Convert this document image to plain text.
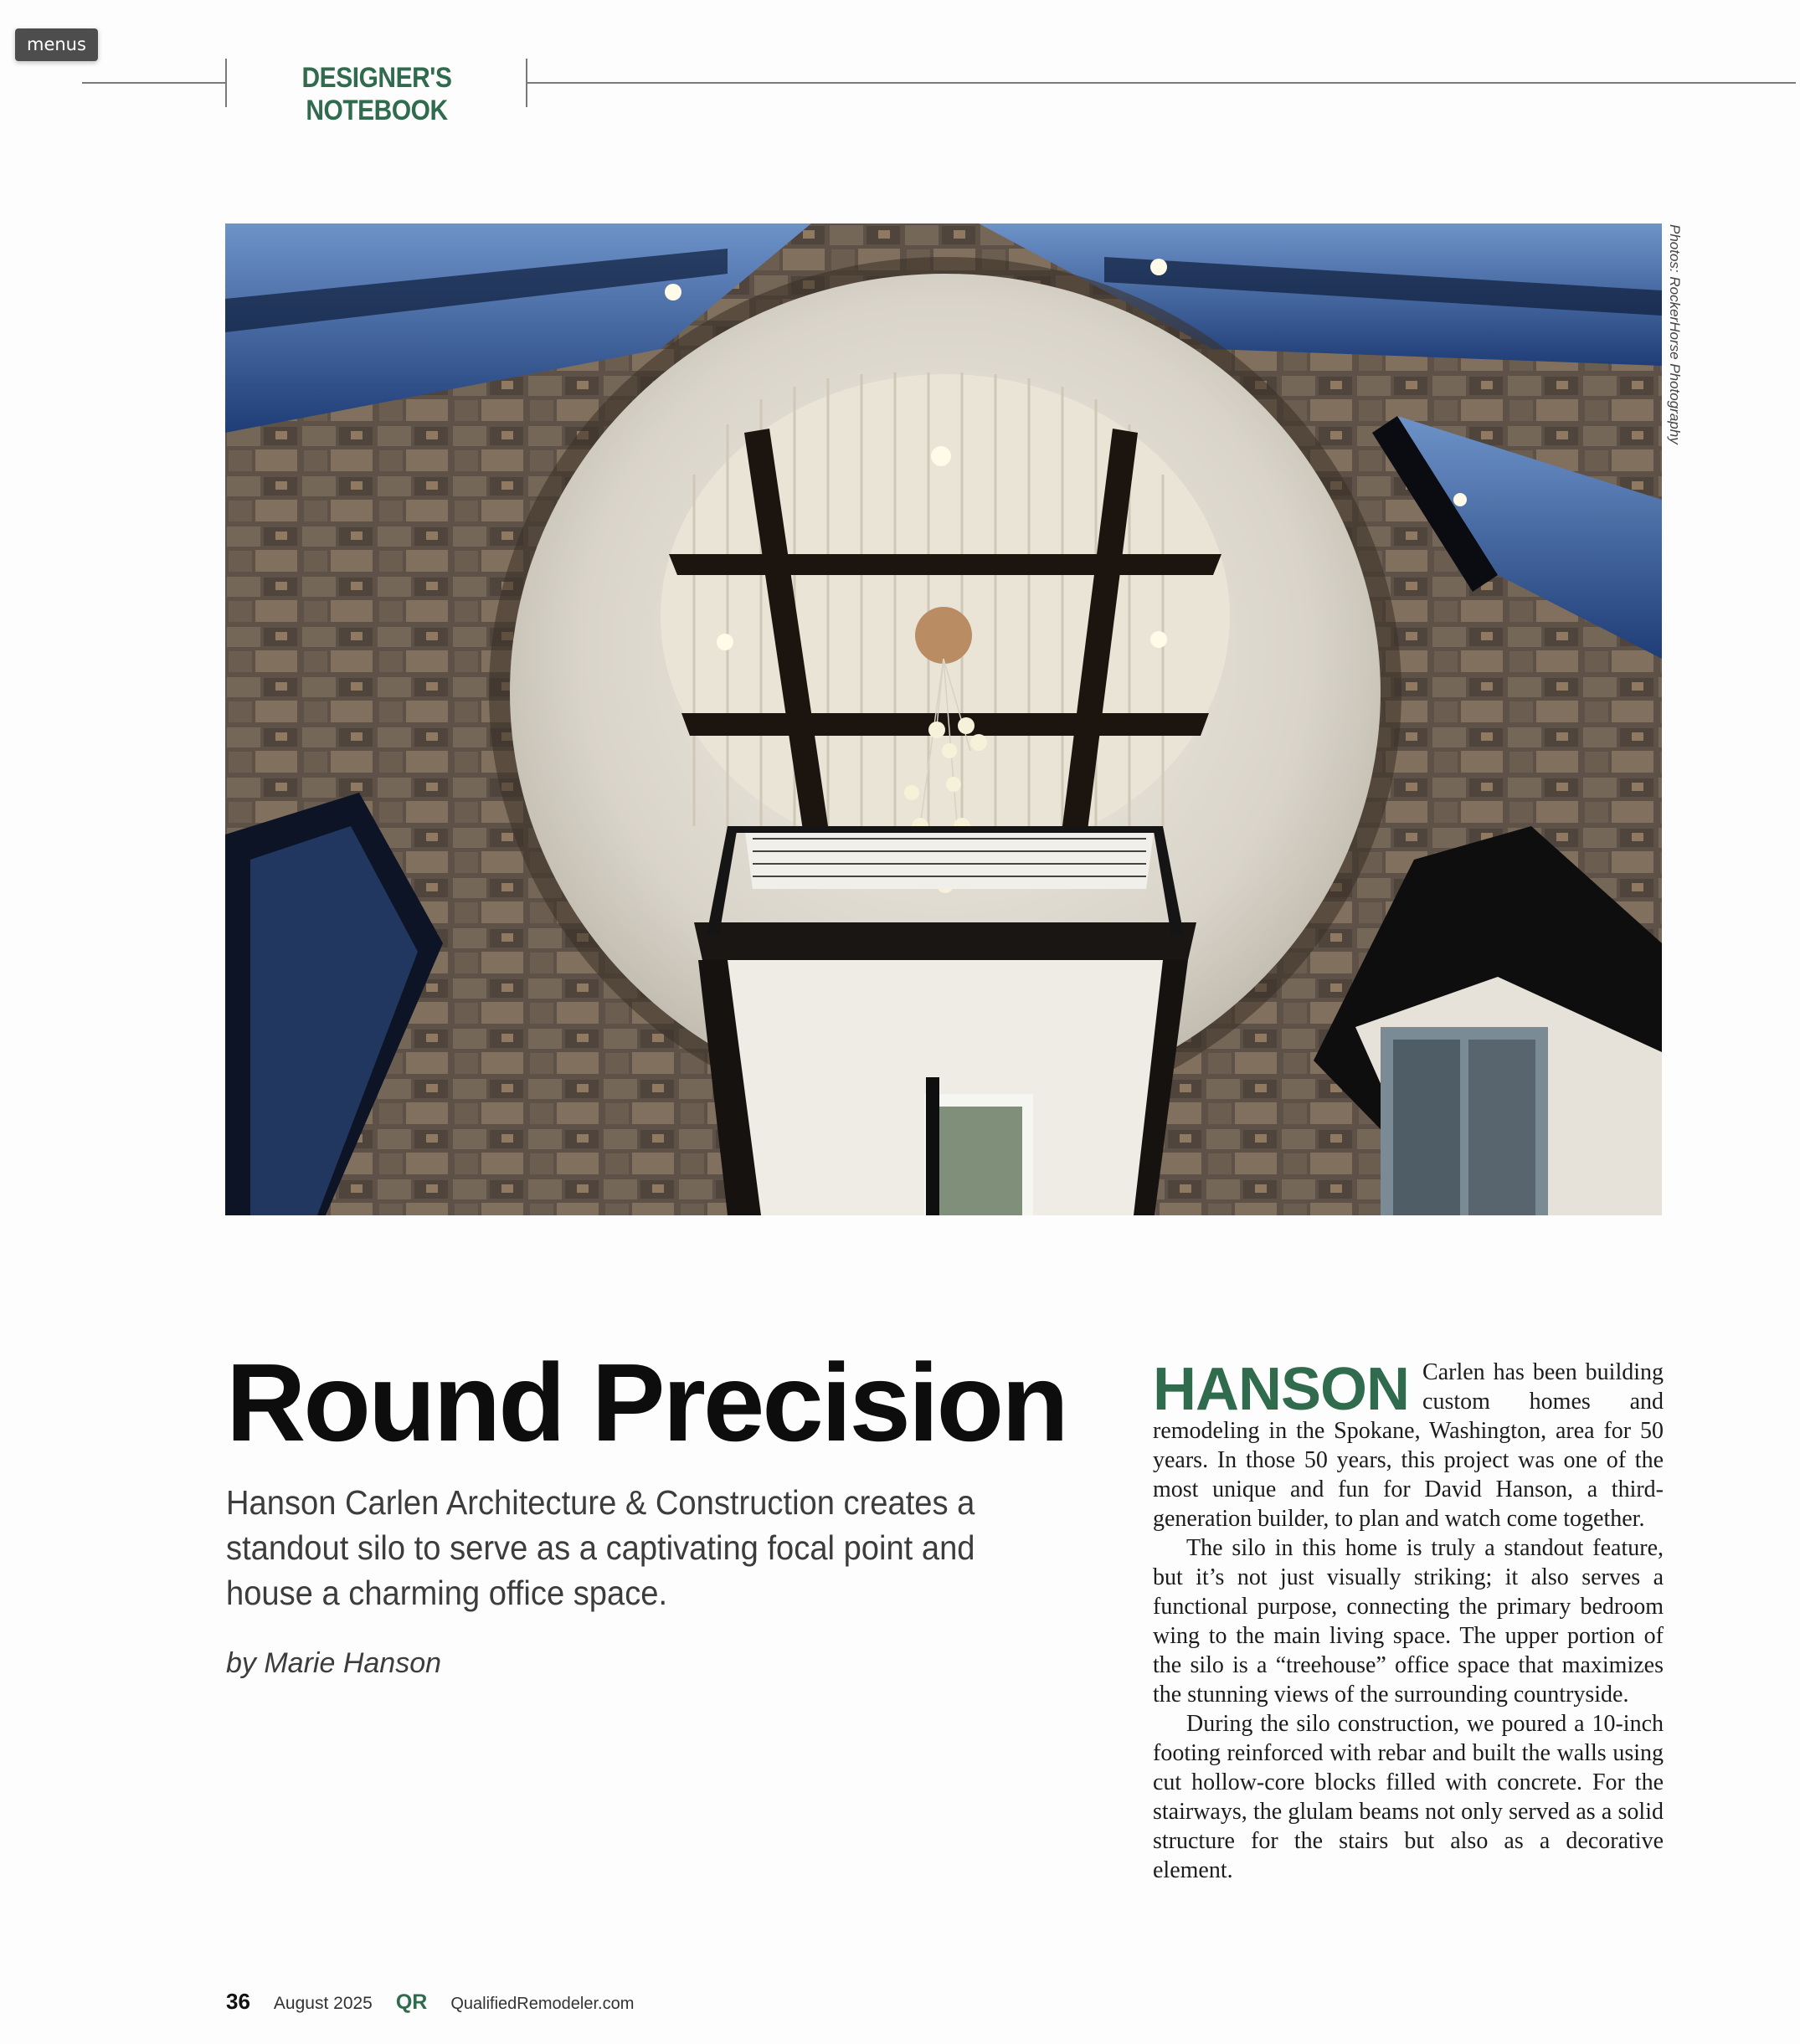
menus
DESIGNER'S NOTEBOOK
Photos: RockerHorse Photography
Round Precision
Hanson Carlen Architecture & Construction creates a standout silo to serve as a captivating focal point and house a charming office space.
by Marie Hanson

HANSON Carlen has been building custom homes and remodeling in the Spokane, Washington, area for 50 years. In those 50 years, this project was one of the most unique and fun for David Hanson, a third-generation builder, to plan and watch come together.

The silo in this home is truly a standout feature, but it’s not just visually striking; it also serves a functional purpose, connecting the primary bedroom wing to the main living space. The upper portion of the silo is a “treehouse” office space that maximizes the stunning views of the surrounding countryside.

During the silo construction, we poured a 10-inch footing reinforced with rebar and built the walls using cut hollow-core blocks filled with concrete. For the stairways, the glulam beams not only served as a solid structure for the stairs but also as a decorative element.

36 August 2025 QR QualifiedRemodeler.com
